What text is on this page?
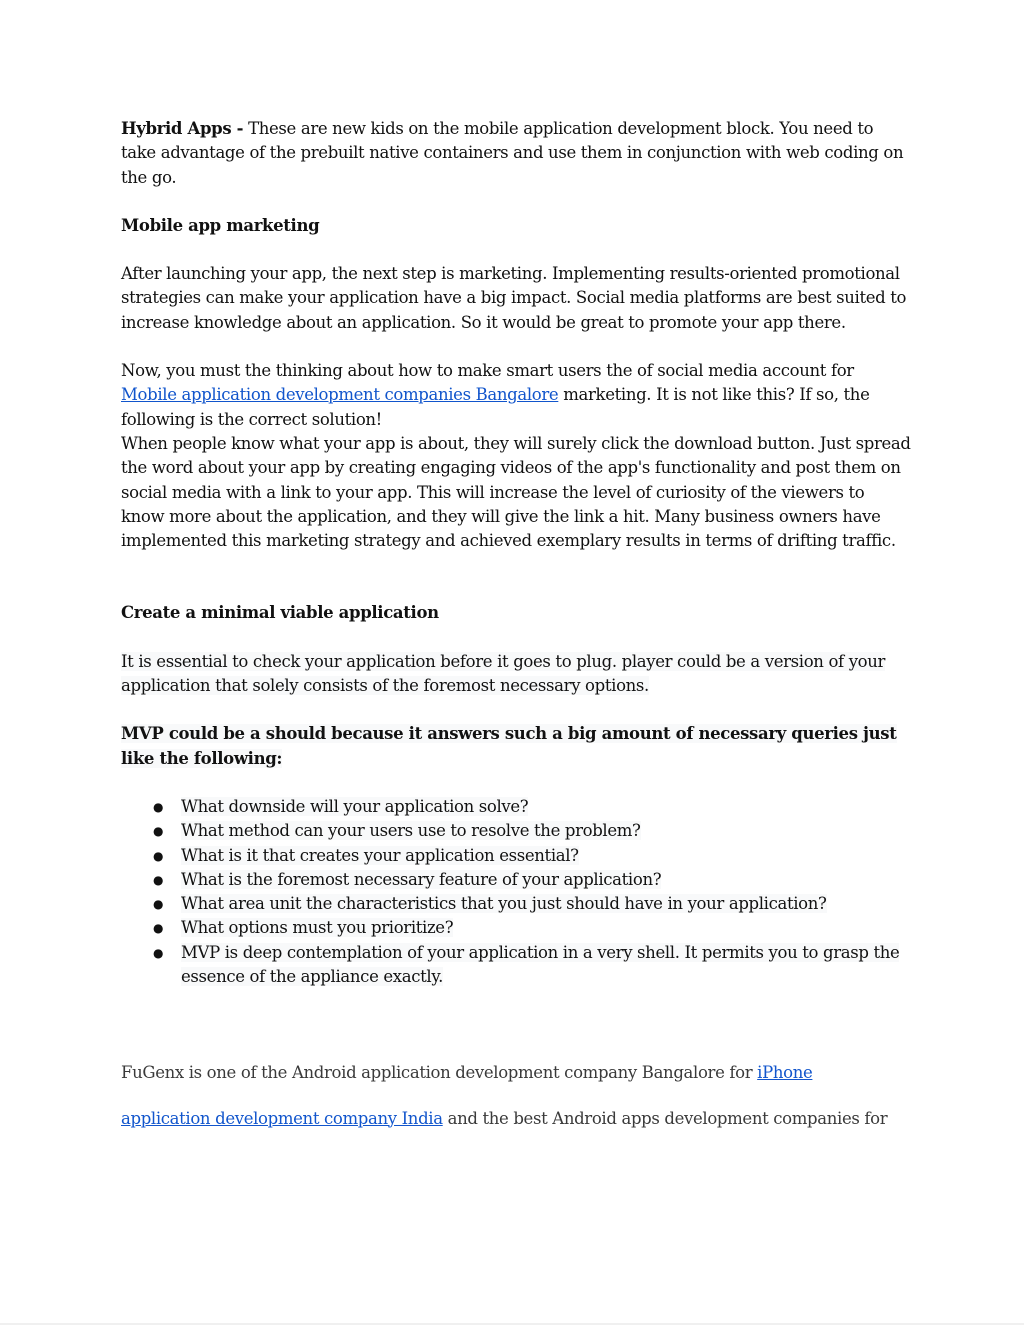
Hybrid Apps - These are new kids on the mobile application development block. You need to take advantage of the prebuilt native containers and use them in conjunction with web coding on the go.

Mobile app marketing

After launching your app, the next step is marketing. Implementing results-oriented promotional strategies can make your application have a big impact. Social media platforms are best suited to increase knowledge about an application. So it would be great to promote your app there.

Now, you must the thinking about how to make smart users the of social media account for Mobile application development companies Bangalore marketing. It is not like this? If so, the following is the correct solution!

When people know what your app is about, they will surely click the download button. Just spread the word about your app by creating engaging videos of the app's functionality and post them on social media with a link to your app. This will increase the level of curiosity of the viewers to know more about the application, and they will give the link a hit. Many business owners have implemented this marketing strategy and achieved exemplary results in terms of drifting traffic.

Create a minimal viable application

It is essential to check your application before it goes to plug. player could be a version of your application that solely consists of the foremost necessary options.

MVP could be a should because it answers such a big amount of necessary queries just like the following:

● What downside will your application solve?
● What method can your users use to resolve the problem?
● What is it that creates your application essential?
● What is the foremost necessary feature of your application?
● What area unit the characteristics that you just should have in your application?
● What options must you prioritize?
● MVP is deep contemplation of your application in a very shell. It permits you to grasp the essence of the appliance exactly.

FuGenx is one of the Android application development company Bangalore for iPhone

application development company India and the best Android apps development companies for
